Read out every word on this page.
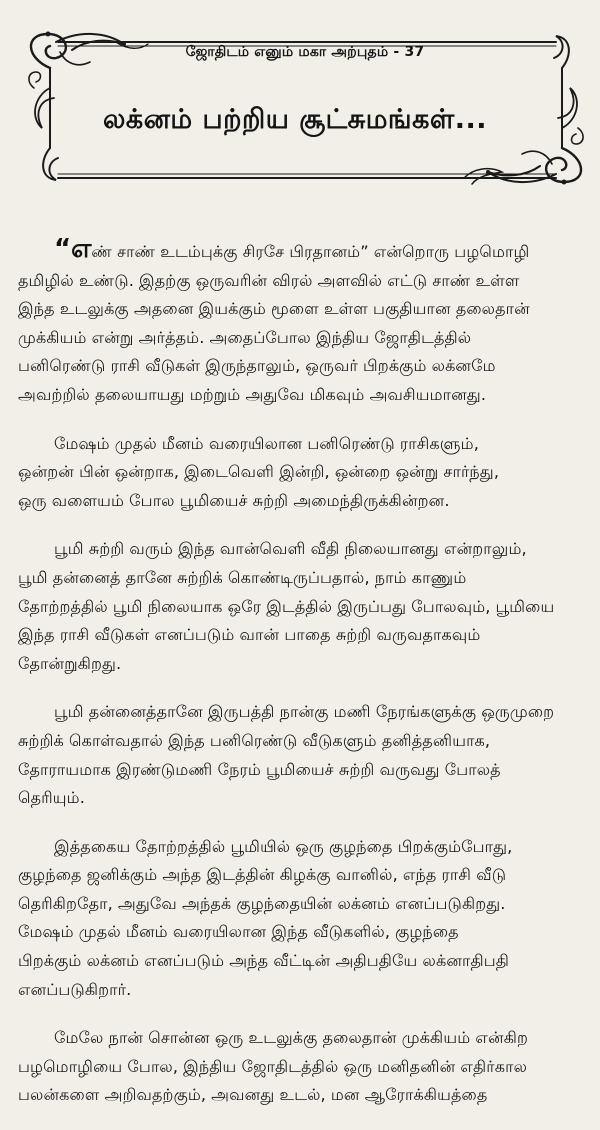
ஜோதிடம் எனும் மகா அற்புதம் - 37
லக்னம் பற்றிய சூட்சுமங்கள்...

“எண் சாண் உடம்புக்கு சிரசே பிரதானம்” என்றொரு பழமொழி
தமிழில் உண்டு. இதற்கு ஒருவரின் விரல் அளவில் எட்டு சாண் உள்ள
இந்த உடலுக்கு அதனை இயக்கும் மூளை உள்ள பகுதியான தலைதான்
முக்கியம் என்று அர்த்தம். அதைப்போல இந்திய ஜோதிடத்தில்
பனிரெண்டு ராசி வீடுகள் இருந்தாலும், ஒருவர் பிறக்கும் லக்னமே
அவற்றில் தலையாயது மற்றும் அதுவே மிகவும் அவசியமானது.

மேஷம் முதல் மீனம் வரையிலான பனிரெண்டு ராசிகளும்,
ஒன்றன் பின் ஒன்றாக, இடைவெளி இன்றி, ஒன்றை ஒன்று சார்ந்து,
ஒரு வளையம் போல பூமியைச் சுற்றி அமைந்திருக்கின்றன.

பூமி சுற்றி வரும் இந்த வான்வெளி வீதி நிலையானது என்றாலும்,
பூமி தன்னைத் தானே சுற்றிக் கொண்டிருப்பதால், நாம் காணும்
தோற்றத்தில் பூமி நிலையாக ஒரே இடத்தில் இருப்பது போலவும், பூமியை
இந்த ராசி வீடுகள் எனப்படும் வான் பாதை சுற்றி வருவதாகவும்
தோன்றுகிறது.

பூமி தன்னைத்தானே இருபத்தி நான்கு மணி நேரங்களுக்கு ஒருமுறை
சுற்றிக் கொள்வதால் இந்த பனிரெண்டு வீடுகளும் தனித்தனியாக,
தோராயமாக இரண்டுமணி நேரம் பூமியைச் சுற்றி வருவது போலத்
தெரியும்.

இத்தகைய தோற்றத்தில் பூமியில் ஒரு குழந்தை பிறக்கும்போது,
குழந்தை ஜனிக்கும் அந்த இடத்தின் கிழக்கு வானில், எந்த ராசி வீடு
தெரிகிறதோ, அதுவே அந்தக் குழந்தையின் லக்னம் எனப்படுகிறது.
மேஷம் முதல் மீனம் வரையிலான இந்த வீடுகளில், குழந்தை
பிறக்கும் லக்னம் எனப்படும் அந்த வீட்டின் அதிபதியே லக்னாதிபதி
எனப்படுகிறார்.

மேலே நான் சொன்ன ஒரு உடலுக்கு தலைதான் முக்கியம் என்கிற
பழமொழியை போல, இந்திய ஜோதிடத்தில் ஒரு மனிதனின் எதிர்கால
பலன்களை அறிவதற்கும், அவனது உடல், மன ஆரோக்கியத்தை
